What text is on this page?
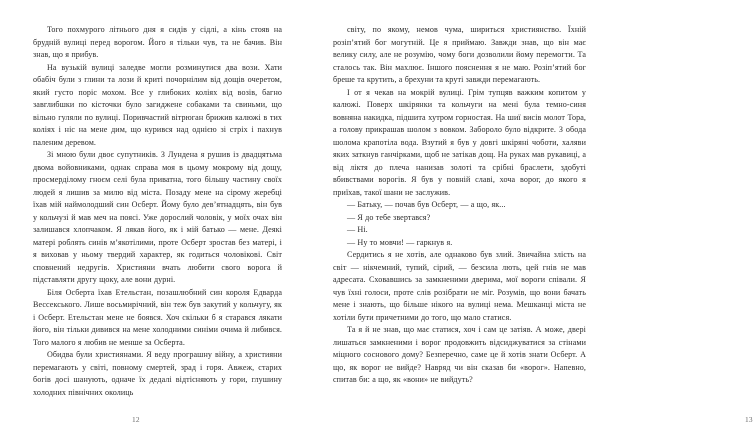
Того похмурого літнього дня я сидів у сідлі, а кінь стояв на брудній вулиці перед ворогом. Його я тільки чув, та не бачив. Він знав, що я прибув.

На вузькій вулиці заледве могли розминутися два вози. Хати обабіч були з глини та лози й криті почорнілим від дощів очеретом, який густо поріс мохом. Все у глибоких коліях від возів, багно завглибшки по кісточки було загиджене собаками та свиньми, що вільно гуляли по вулиці. Поривчастий вітрюган брижив калюжі в тих коліях і ніс на мене дим, що курився над однією зі стріх і пахнув паленим деревом.

Зі мною були двоє супутників. З Лундена я рушив із двадцятьма двома войовниками, однак справа моя в цьому мокрому від дощу, просмерділому гноєм селі була приватна, того більшу частину своїх людей я лишив за милю від міста. Позаду мене на сірому жеребці їхав мій наймолодший син Осберт. Йому було дев’ятнадцять, він був у кольчузі й мав меч на поясі. Уже дорослий чоловік, у моїх очах він залишався хлопчаком. Я лякав його, як і мій батько — мене. Деякі матері роблять синів м’якотілими, проте Осберт зростав без матері, і я виховав у ньому твердий характер, як годиться чоловікові. Світ сповнений недругів. Християни вчать любити свого ворога й підставляти другу щоку, але вони дурні.

Біля Осберта їхав Етельстан, позашлюбний син короля Едварда Вессекського. Лише восьмирічний, він теж був закутий у кольчугу, як і Осберт. Етельстан мене не боявся. Хоч скільки б я старався лякати його, він тільки дивився на мене холодними синіми очима й либився. Того малого я любив не менше за Осберта.

Обидва були християнами. Я веду програшну війну, а християни перемагають у світі, повному смертей, зрад і горя. Авжеж, старих богів досі шанують, одначе їх дедалі відтісняють у гори, глушину холодних північних околиць

12

світу, по якому, немов чума, шириться християнство. Їхній розіп’ятий бог могутній. Це я приймаю. Завжди знав, що він має велику силу, але не розумію, чому боги дозволили йому перемогти. Та сталось так. Він махлює. Іншого пояснення я не маю. Розіп’ятий бог бреше та крутить, а брехуни та круті завжди перемагають.

І от я чекав на мокрій вулиці. Грім тупцяв важким копитом у калюжі. Поверх шкірянки та кольчуги на мені була темно-синя вовняна накидка, підшита хутром горностая. На шиї висів молот Тора, а голову прикрашав шолом з вовком. Забороло було відкрите. З обода шолома крапотіла вода. Взутий я був у довгі шкіряні чоботи, халяви яких заткнув ганчірками, щоб не затікав дощ. На руках мав рукавиці, а від ліктя до плеча нанизав золоті та срібні браслети, здобуті вбивствами ворогів. Я був у повній славі, хоча ворог, до якого я приїхав, такої шани не заслужив.

— Батьку, — почав був Осберт, — а що, як...

— Я до тебе звертався?

— Ні.

— Ну то мовчи! — гаркнув я.

Сердитись я не хотів, але однаково був злий. Звичайна злість на світ — нікчемний, тупий, сірий, — безсила лють, цей гнів не мав адресата. Сховавшись за замкненими дверима, мої вороги співали. Я чув їхні голоси, проте слів розібрати не міг. Розумів, що вони бачать мене і знають, що більше нікого на вулиці нема. Мешканці міста не хотіли бути причетними до того, що мало статися.

Та я й не знав, що має статися, хоч і сам це затіяв. А може, двері лишаться замкненими і ворог продовжить відсиджуватися за стінами міцного соснового дому? Безперечно, саме це й хотів знати Осберт. А що, як ворог не вийде? Навряд чи він сказав би «ворог». Напевно, спитав би: а що, як «вони» не вийдуть?

13
